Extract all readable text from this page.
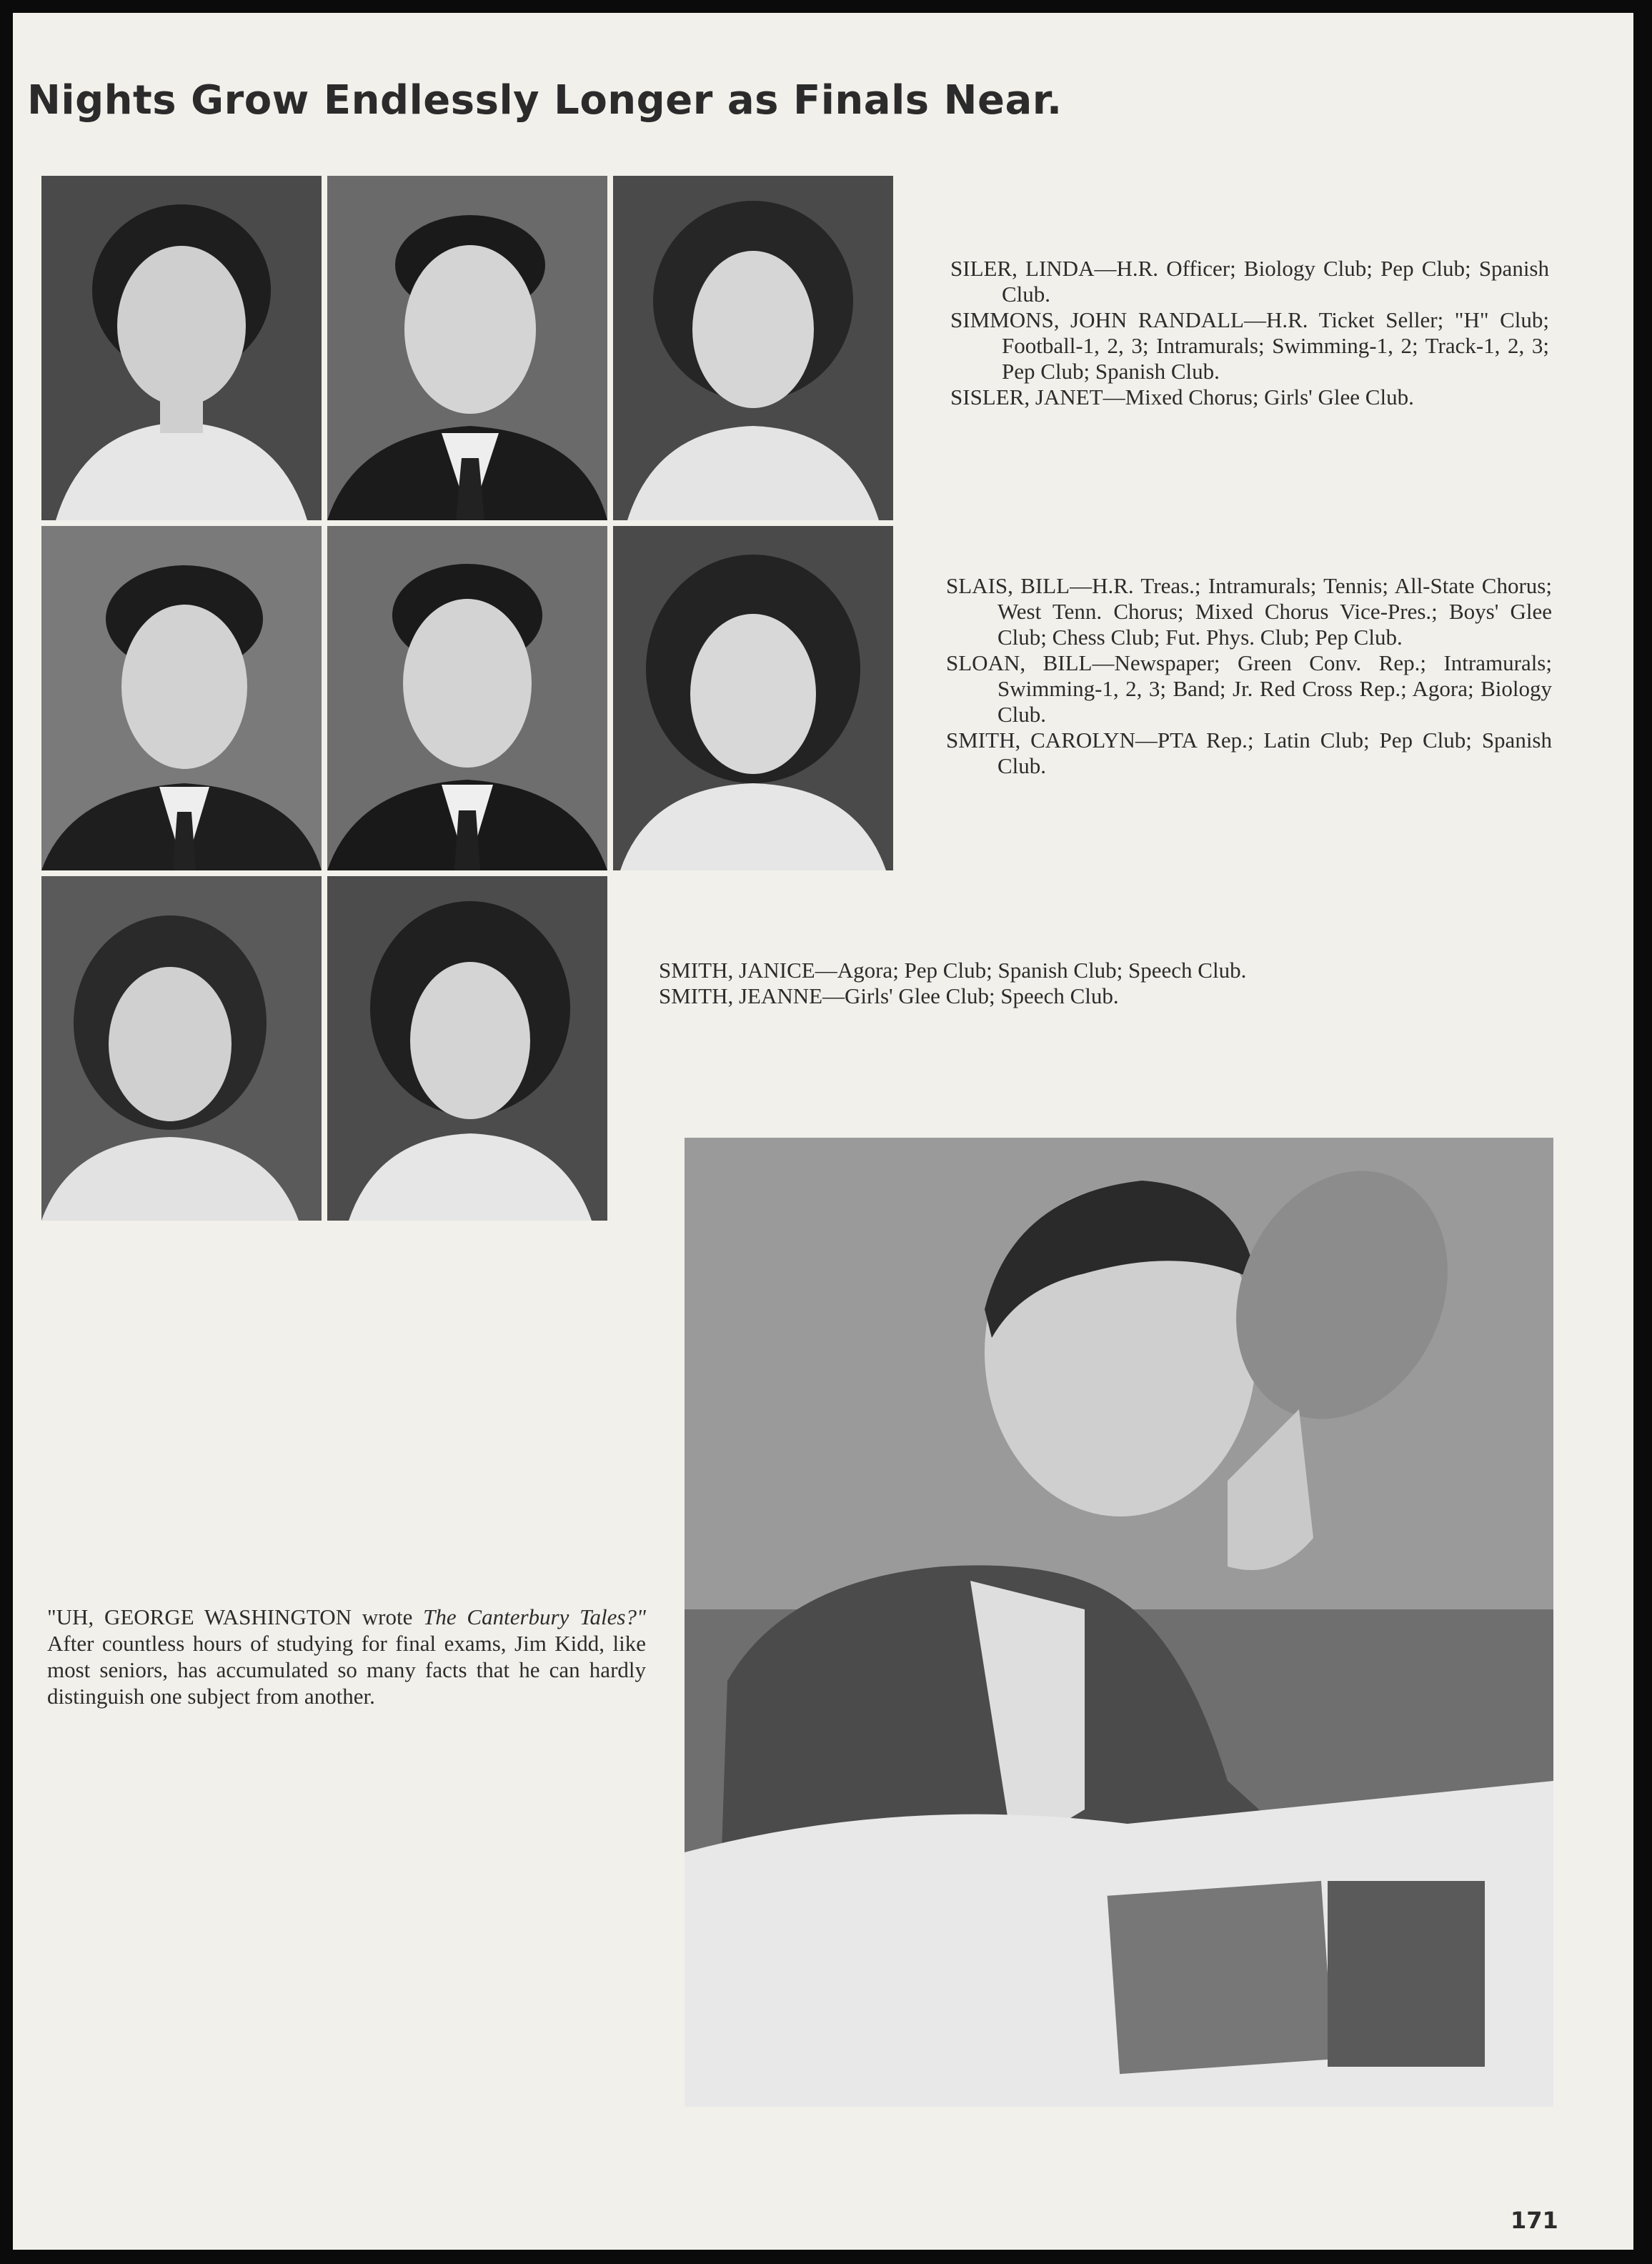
Nights Grow Endlessly Longer as Finals Near.

SILER, LINDA—H.R. Officer; Biology Club; Pep Club; Spanish Club.

SIMMONS, JOHN RANDALL—H.R. Ticket Seller; "H" Club; Football-1, 2, 3; Intramurals; Swimming-1, 2; Track-1, 2, 3; Pep Club; Spanish Club.

SISLER, JANET—Mixed Chorus; Girls' Glee Club.

SLAIS, BILL—H.R. Treas.; Intramurals; Tennis; All-State Chorus; West Tenn. Chorus; Mixed Chorus Vice-Pres.; Boys' Glee Club; Chess Club; Fut. Phys. Club; Pep Club.

SLOAN, BILL—Newspaper; Green Conv. Rep.; Intramurals; Swimming-1, 2, 3; Band; Jr. Red Cross Rep.; Agora; Biology Club.

SMITH, CAROLYN—PTA Rep.; Latin Club; Pep Club; Spanish Club.

SMITH, JANICE—Agora; Pep Club; Spanish Club; Speech Club.

SMITH, JEANNE—Girls' Glee Club; Speech Club.

"UH, GEORGE WASHINGTON wrote The Canterbury Tales?" After countless hours of studying for final exams, Jim Kidd, like most seniors, has accumulated so many facts that he can hardly distinguish one subject from another.

171
